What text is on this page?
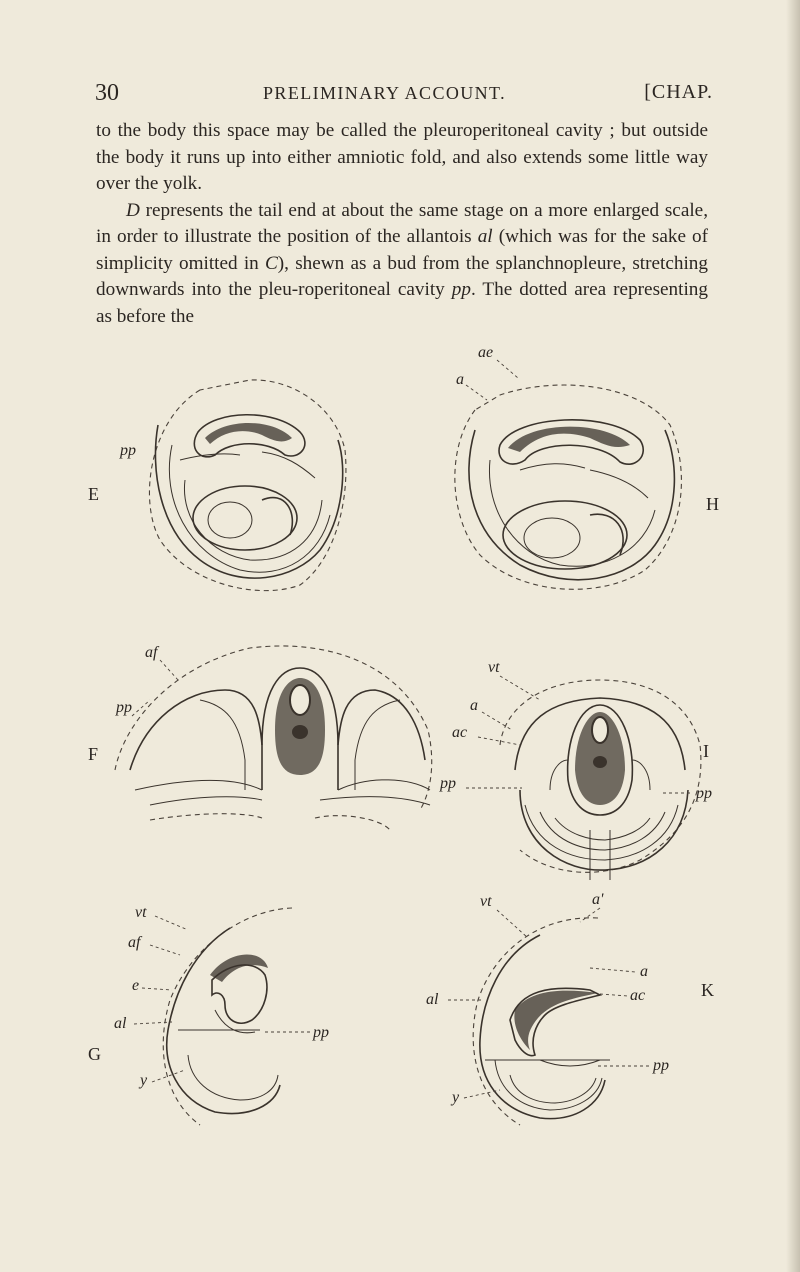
30	PRELIMINARY ACCOUNT.	[CHAP.

to the body this space may be called the pleuroperitoneal cavity ; but outside the body it runs up into either amniotic fold, and also extends some little way over the yolk.

D represents the tail end at about the same stage on a more enlarged scale, in order to illustrate the position of the allantois al (which was for the sake of simplicity omitted in C), shewn as a bud from the splanchnopleure, stretching downwards into the pleu-roperitoneal cavity pp. The dotted area representing as before the

pp
E
ae
a
H
af
pp
F
vt
a
ac
pp
pp
I
vt
af
e
al
y
pp
G
vt	a'
a
ac
al
y
pp
K
